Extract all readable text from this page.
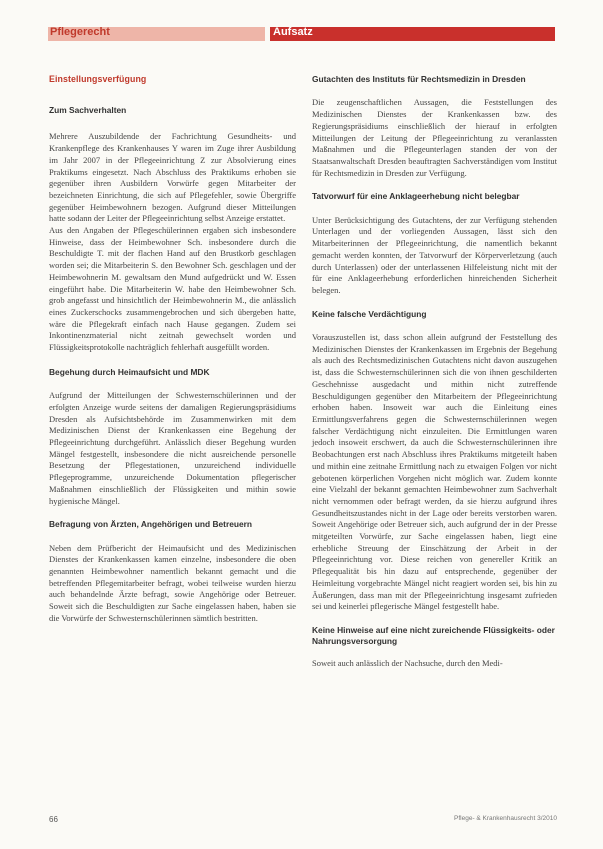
Pflegerecht	Aufsatz
Einstellungsverfügung
Zum Sachverhalten

Mehrere Auszubildende der Fachrichtung Gesundheits- und Krankenpflege des Krankenhauses Y waren im Zuge ihrer Ausbildung im Jahr 2007 in der Pflegeeinrichtung Z zur Absolvierung eines Praktikums eingesetzt. Nach Abschluss des Praktikums erhoben sie gegenüber ihren Ausbildern Vorwürfe gegen Mitarbeiter der bezeichneten Einrichtung, die sich auf Pflegefehler, sowie Übergriffe gegenüber Heimbewohnern bezogen. Aufgrund dieser Mitteilungen hatte sodann der Leiter der Pflegeeinrichtung selbst Anzeige erstattet.

Aus den Angaben der Pflegeschülerinnen ergaben sich insbesondere Hinweise, dass der Heimbewohner Sch. insbesondere durch die Beschuldigte T. mit der flachen Hand auf den Brustkorb geschlagen worden sei; die Mitarbeiterin S. den Bewohner Sch. geschlagen und der Heimbewohnerin M. gewaltsam den Mund aufgedrückt und W. Essen eingeführt habe. Die Mitarbeiterin W. habe den Heimbewohner Sch. grob angefasst und hinsichtlich der Heimbewohnerin M., die anlässlich eines Zuckerschocks zusammengebrochen und sich übergeben hatte, wäre die Pflegekraft einfach nach Hause gegangen. Zudem sei Inkontinenzmaterial nicht zeitnah gewechselt worden und Flüssigkeitsprotokolle nachträglich fehlerhaft ausgefüllt worden.

Begehung durch Heimaufsicht und MDK

Aufgrund der Mitteilungen der Schwesternschülerinnen und der erfolgten Anzeige wurde seitens der damaligen Regierungspräsidiums Dresden als Aufsichtsbehörde im Zusammenwirken mit dem Medizinischen Dienst der Krankenkassen eine Begehung der Pflegeeinrichtung durchgeführt. Anlässlich dieser Begehung wurden Mängel festgestellt, insbesondere die nicht ausreichende personelle Besetzung der Pflegestationen, unzureichend individuelle Pflegeprogramme, unzureichende Dokumentation pflegerischer Maßnahmen einschließlich der Flüssigkeiten und mithin sowie hygienische Mängel.

Befragung von Ärzten, Angehörigen und Betreuern

Neben dem Prüfbericht der Heimaufsicht und des Medizinischen Dienstes der Krankenkassen kamen einzelne, insbesondere die oben genannten Heimbewohner namentlich bekannt gemacht und die betreffenden Pflegemitarbeiter befragt, wobei teilweise wurden hierzu auch behandelnde Ärzte befragt, sowie Angehörige oder Betreuer. Soweit sich die Beschuldigten zur Sache eingelassen haben, haben sie die Vorwürfe der Schwesternschülerinnen sämtlich bestritten.

Gutachten des Instituts für Rechtsmedizin in Dresden

Die zeugenschaftlichen Aussagen, die Feststellungen des Medizinischen Dienstes der Krankenkassen bzw. des Regierungspräsidiums einschließlich der hierauf in erfolgten Mitteilungen der Leitung der Pflegeeinrichtung zu veranlassten Maßnahmen und die Pflegeunterlagen standen der von der Staatsanwaltschaft Dresden beauftragten Sachverständigen vom Institut für Rechtsmedizin in Dresden zur Verfügung.

Tatvorwurf für eine Anklageerhebung nicht belegbar

Unter Berücksichtigung des Gutachtens, der zur Verfügung stehenden Unterlagen und der vorliegenden Aussagen, lässt sich den Mitarbeiterinnen der Pflegeeinrichtung, die namentlich bekannt gemacht werden konnten, der Tatvorwurf der Körperverletzung (auch durch Unterlassen) oder der unterlassenen Hilfeleistung nicht mit der für eine Anklageerhebung erforderlichen hinreichenden Sicherheit belegen.

Keine falsche Verdächtigung

Vorauszustellen ist, dass schon allein aufgrund der Feststellung des Medizinischen Dienstes der Krankenkassen im Ergebnis der Begehung als auch des Rechtsmedizinischen Gutachtens nicht davon auszugehen ist, dass die Schwesternschülerinnen sich die von ihnen geschilderten Geschehnisse ausgedacht und mithin nicht zutreffende Beschuldigungen gegenüber den Mitarbeitern der Pflegeeinrichtung erhoben haben. Insoweit war auch die Einleitung eines Ermittlungsverfahrens gegen die Schwesternschülerinnen wegen falscher Verdächtigung nicht einzuleiten. Die Ermittlungen waren jedoch insoweit erschwert, da auch die Schwesternschülerinnen ihre Beobachtungen erst nach Abschluss ihres Praktikums mitgeteilt haben und mithin eine zeitnahe Ermittlung nach zu etwaigen Folgen vor nicht gebotenen körperlichen Vorgehen nicht möglich war. Zudem konnte eine Vielzahl der bekannt gemachten Heimbewohner zum Sachverhalt nicht vernommen oder befragt werden, da sie hierzu aufgrund ihres Gesundheitszustandes nicht in der Lage oder bereits verstorben waren. Soweit Angehörige oder Betreuer sich, auch aufgrund der in der Presse mitgeteilten Vorwürfe, zur Sache eingelassen haben, liegt eine erhebliche Streuung der Einschätzung der Arbeit in der Pflegeeinrichtung vor. Diese reichen von genereller Kritik an Pflegequalität bis hin dazu auf entsprechende, gegenüber der Heimleitung vorgebrachte Mängel nicht reagiert worden sei, bis hin zu Äußerungen, dass man mit der Pflegeeinrichtung insgesamt zufrieden sei und keinerlei pflegerische Mängel festgestellt habe.

Keine Hinweise auf eine nicht zureichende Flüssigkeits- oder Nahrungsversorgung

Soweit auch anlässlich der Nachsuche, durch den Medi-

66	Pflege- & Krankenhausrecht 3/2010
